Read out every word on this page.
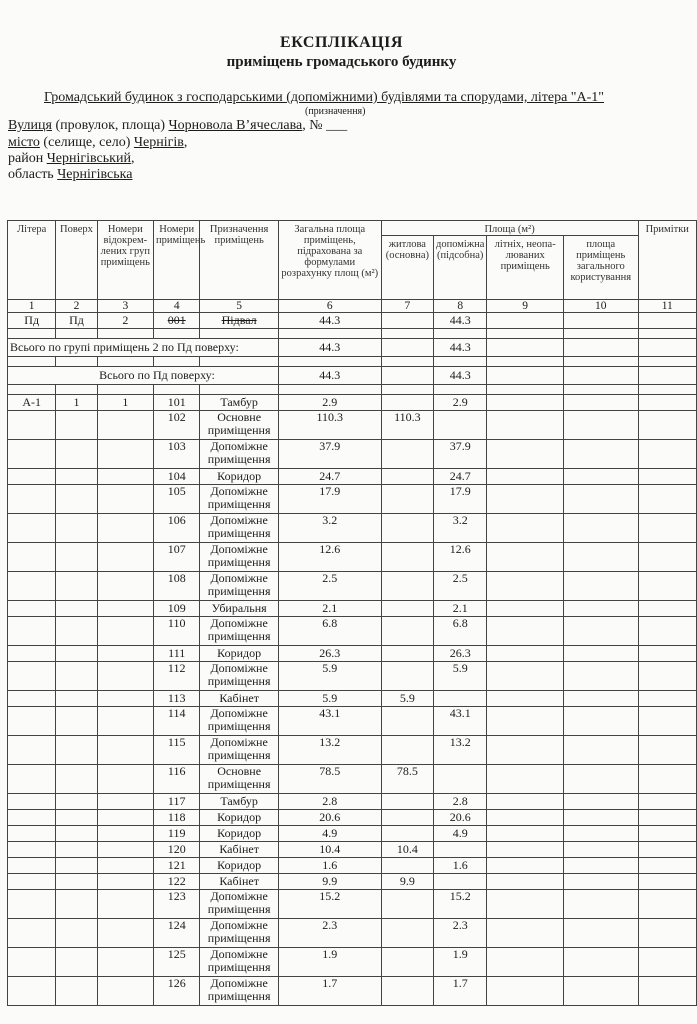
ЕКСПЛІКАЦІЯ
приміщень громадського будинку
Громадський будинок з господарськими (допоміжними) будівлями та спорудами, літера "А-1"
(призначення)
Вулиця (провулок, площа) Чорновола В’ячеслава, № ___
місто (селище, село) Чернігів,
район Чернігівський,
область Чернігівська
Літера	Поверх	Номери відокрем-лених груп приміщень	Номери приміщень	Призначення приміщень	Загальна площа приміщень, підрахована за формулами розрахунку площ (м²)	Площа (м²)				Примітки
						житлова (основна)	допоміжна (підсобна)	літніх, неопа-люваних приміщень	площа приміщень загального користування	
1	2	3	4	5	6	7	8	9	10	11
Пд	Пд	2	001	Підвал	44.3		44.3			

Всього по групі приміщень 2 по Пд поверху:					44.3		44.3			

Всього по Пд поверху:					44.3		44.3			

А-1	1	1	101	Тамбур	2.9		2.9			
			102	Основне приміщення	110.3	110.3				
			103	Допоміжне приміщення	37.9		37.9			
			104	Коридор	24.7		24.7			
			105	Допоміжне приміщення	17.9		17.9			
			106	Допоміжне приміщення	3.2		3.2			
			107	Допоміжне приміщення	12.6		12.6			
			108	Допоміжне приміщення	2.5		2.5			
			109	Убиральня	2.1		2.1			
			110	Допоміжне приміщення	6.8		6.8			
			111	Коридор	26.3		26.3			
			112	Допоміжне приміщення	5.9		5.9			
			113	Кабінет	5.9	5.9				
			114	Допоміжне приміщення	43.1		43.1			
			115	Допоміжне приміщення	13.2		13.2			
			116	Основне приміщення	78.5	78.5				
			117	Тамбур	2.8		2.8			
			118	Коридор	20.6		20.6			
			119	Коридор	4.9		4.9			
			120	Кабінет	10.4	10.4				
			121	Коридор	1.6		1.6			
			122	Кабінет	9.9	9.9				
			123	Допоміжне приміщення	15.2		15.2			
			124	Допоміжне приміщення	2.3		2.3			
			125	Допоміжне приміщення	1.9		1.9			
			126	Допоміжне приміщення	1.7		1.7			
